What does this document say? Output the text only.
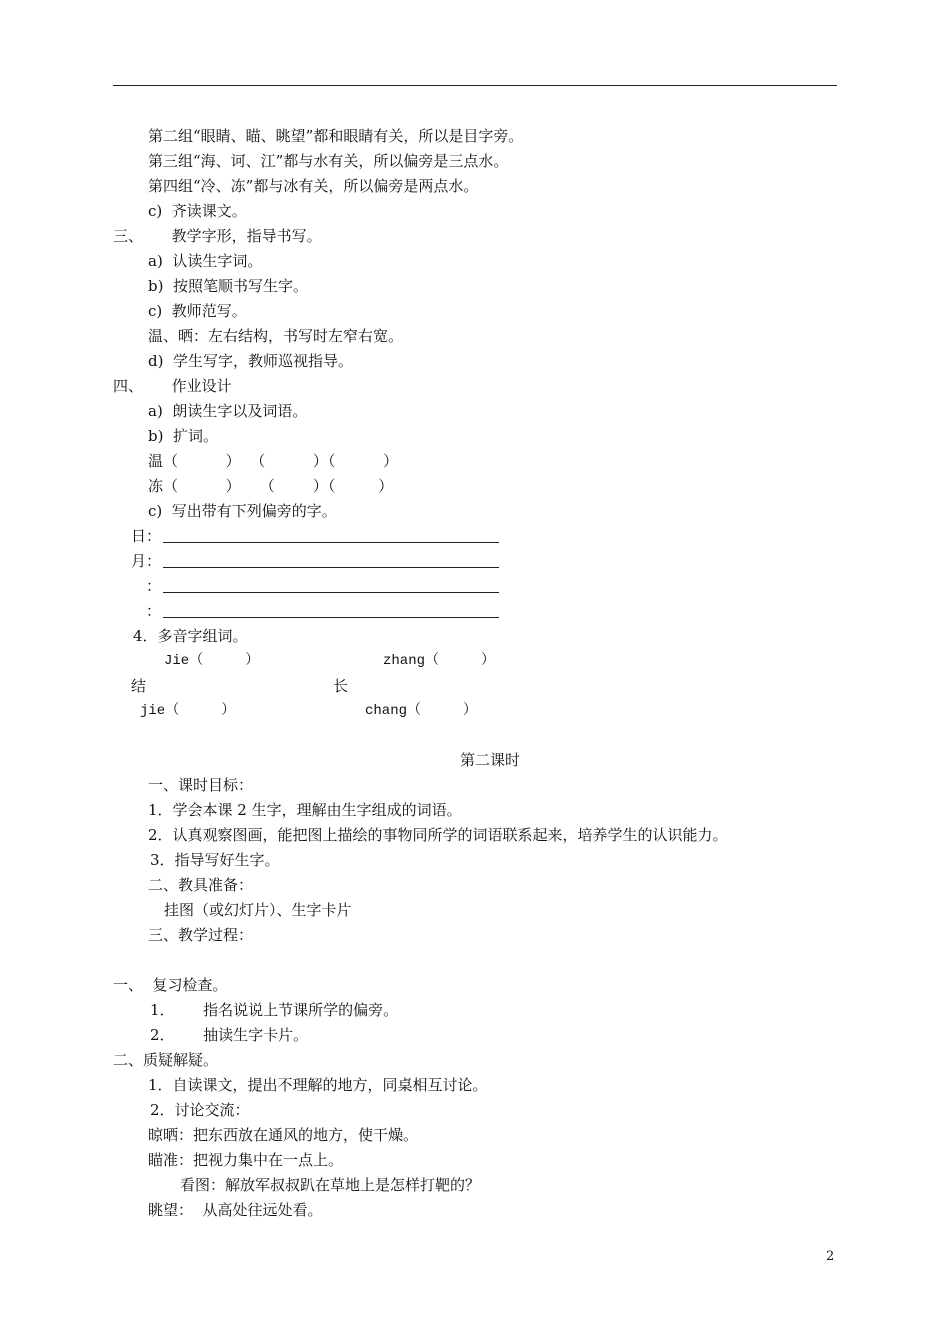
第二组“眼睛、瞄、眺望”都和眼睛有关，所以是目字旁。
第三组“海、诃、江”都与水有关，所以偏旁是三点水。
第四组“冷、冻”都与冰有关，所以偏旁是两点水。
c)  齐读课文。
三、      教学字形，指导书写。
a)  认读生字词。
b)  按照笔顺书写生字。
c)  教师范写。
温、晒：左右结构，书写时左窄右宽。
d)  学生写字，教师巡视指导。
四、      作业设计
a)  朗读生字以及词语。
b)  扩词。
温（          ）  （          ）（          ）
冻（          ）    （        ）（         ）
c)  写出带有下列偏旁的字。
日：
月：
：
：
4．多音字组词。
Jie（     ）	zhang（     ）
结	长
jie（     ）	chang（     ）
第二课时
一、课时目标：
1．学会本课 2 生字，理解由生字组成的词语。
2．认真观察图画，能把图上描绘的事物同所学的词语联系起来，培养学生的认识能力。
3．指导写好生字。
二、教具准备：
挂图（或幻灯片）、生字卡片
三、教学过程：
一、  复习检查。
1．      指名说说上节课所学的偏旁。
2．      抽读生字卡片。
二、质疑解疑。
1．自读课文，提出不理解的地方，同桌相互讨论。
2．讨论交流：
晾晒：把东西放在通风的地方，使干燥。
瞄准：把视力集中在一点上。
看图：解放军叔叔趴在草地上是怎样打靶的？
眺望：  从高处往远处看。
2
